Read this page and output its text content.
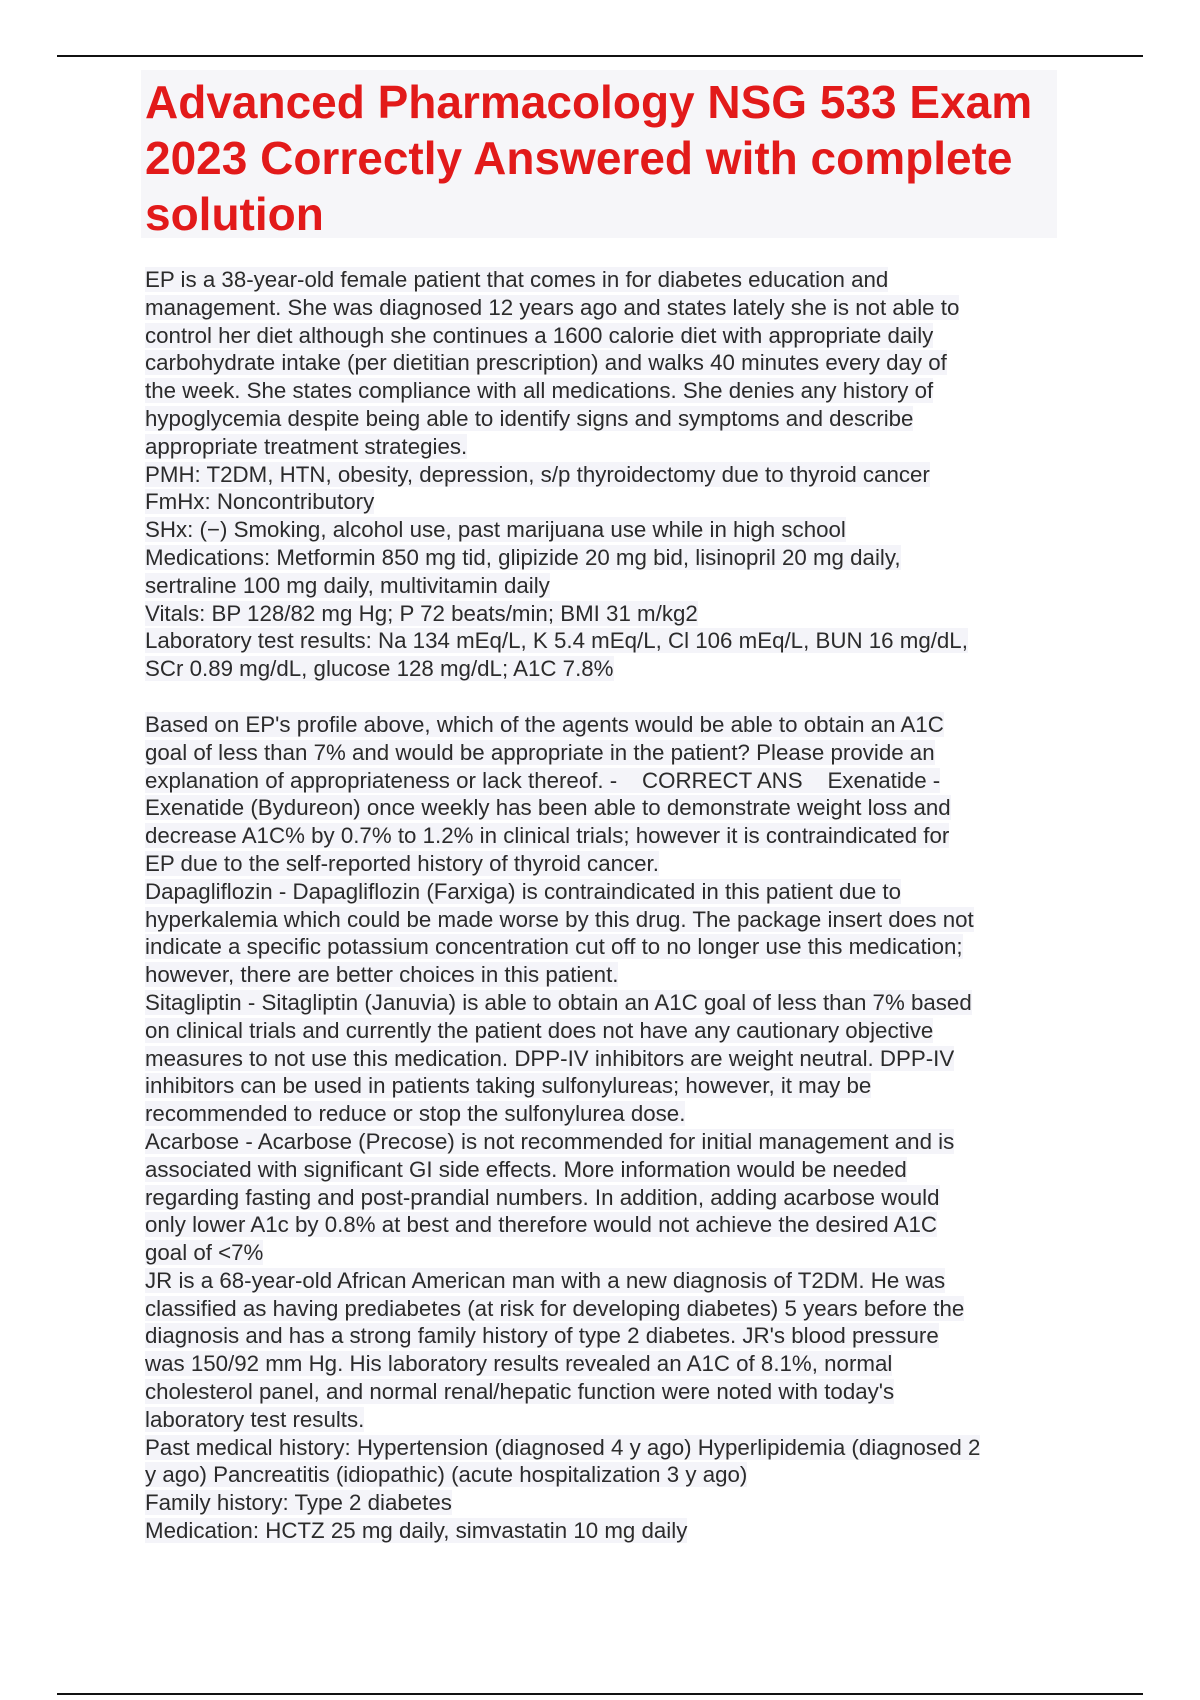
Advanced Pharmacology NSG 533 Exam 2023 Correctly Answered with complete solution
EP is a 38-year-old female patient that comes in for diabetes education and
management. She was diagnosed 12 years ago and states lately she is not able to
control her diet although she continues a 1600 calorie diet with appropriate daily
carbohydrate intake (per dietitian prescription) and walks 40 minutes every day of
the week. She states compliance with all medications. She denies any history of
hypoglycemia despite being able to identify signs and symptoms and describe
appropriate treatment strategies.
PMH: T2DM, HTN, obesity, depression, s/p thyroidectomy due to thyroid cancer
FmHx: Noncontributory
SHx: (−) Smoking, alcohol use, past marijuana use while in high school
Medications: Metformin 850 mg tid, glipizide 20 mg bid, lisinopril 20 mg daily,
sertraline 100 mg daily, multivitamin daily
Vitals: BP 128/82 mg Hg; P 72 beats/min; BMI 31 m/kg2
Laboratory test results: Na 134 mEq/L, K 5.4 mEq/L, Cl 106 mEq/L, BUN 16 mg/dL,
SCr 0.89 mg/dL, glucose 128 mg/dL; A1C 7.8%
Based on EP's profile above, which of the agents would be able to obtain an A1C
goal of less than 7% and would be appropriate in the patient? Please provide an
explanation of appropriateness or lack thereof. -    CORRECT ANS    Exenatide -
Exenatide (Bydureon) once weekly has been able to demonstrate weight loss and
decrease A1C% by 0.7% to 1.2% in clinical trials; however it is contraindicated for
EP due to the self-reported history of thyroid cancer.
Dapagliflozin - Dapagliflozin (Farxiga) is contraindicated in this patient due to
hyperkalemia which could be made worse by this drug. The package insert does not
indicate a specific potassium concentration cut off to no longer use this medication;
however, there are better choices in this patient.
Sitagliptin - Sitagliptin (Januvia) is able to obtain an A1C goal of less than 7% based
on clinical trials and currently the patient does not have any cautionary objective
measures to not use this medication. DPP-IV inhibitors are weight neutral. DPP-IV
inhibitors can be used in patients taking sulfonylureas; however, it may be
recommended to reduce or stop the sulfonylurea dose.
Acarbose - Acarbose (Precose) is not recommended for initial management and is
associated with significant GI side effects. More information would be needed
regarding fasting and post-prandial numbers. In addition, adding acarbose would
only lower A1c by 0.8% at best and therefore would not achieve the desired A1C
goal of <7%
JR is a 68-year-old African American man with a new diagnosis of T2DM. He was
classified as having prediabetes (at risk for developing diabetes) 5 years before the
diagnosis and has a strong family history of type 2 diabetes. JR's blood pressure
was 150/92 mm Hg. His laboratory results revealed an A1C of 8.1%, normal
cholesterol panel, and normal renal/hepatic function were noted with today's
laboratory test results.
Past medical history: Hypertension (diagnosed 4 y ago) Hyperlipidemia (diagnosed 2
y ago) Pancreatitis (idiopathic) (acute hospitalization 3 y ago)
Family history: Type 2 diabetes
Medication: HCTZ 25 mg daily, simvastatin 10 mg daily
